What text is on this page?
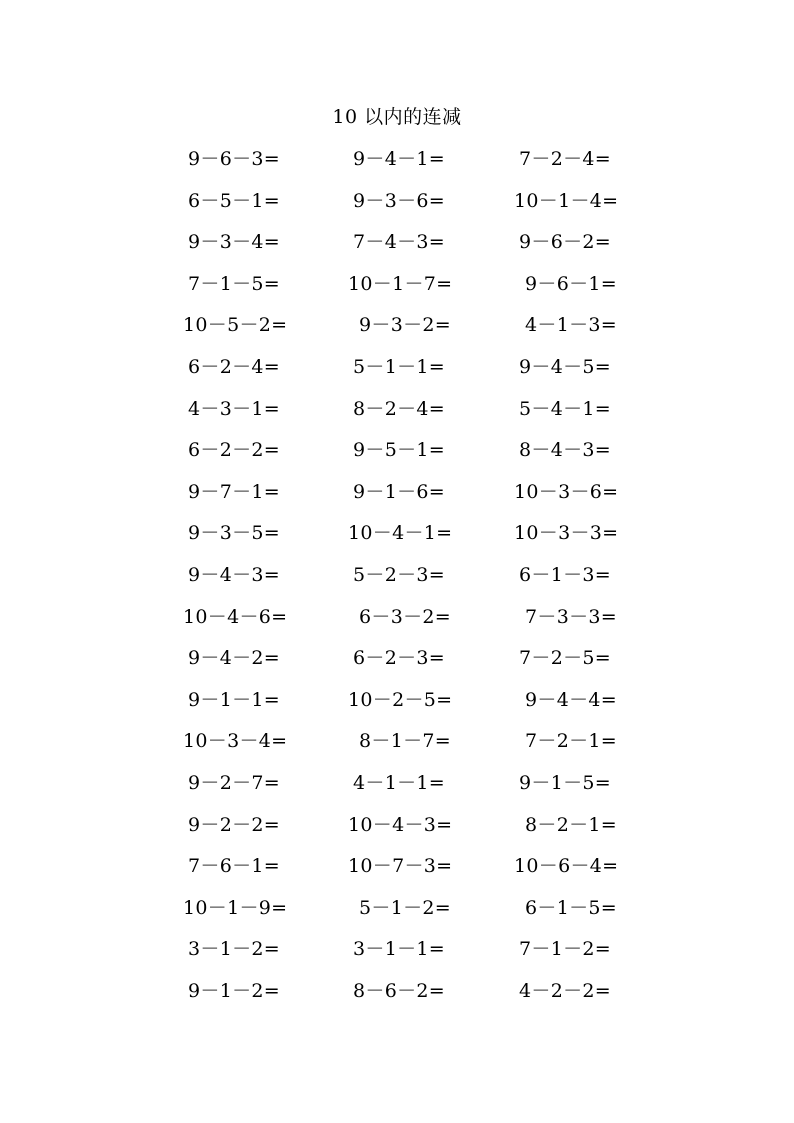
10 以内的连减
9－6－3=	9－4－1=	7－2－4=
6－5－1=	9－3－6=	10－1－4=
9－3－4=	7－4－3=	9－6－2=
7－1－5=	10－1－7=	9－6－1=
10－5－2=	9－3－2=	4－1－3=
6－2－4=	5－1－1=	9－4－5=
4－3－1=	8－2－4=	5－4－1=
6－2－2=	9－5－1=	8－4－3=
9－7－1=	9－1－6=	10－3－6=
9－3－5=	10－4－1=	10－3－3=
9－4－3=	5－2－3=	6－1－3=
10－4－6=	6－3－2=	7－3－3=
9－4－2=	6－2－3=	7－2－5=
9－1－1=	10－2－5=	9－4－4=
10－3－4=	8－1－7=	7－2－1=
9－2－7=	4－1－1=	9－1－5=
9－2－2=	10－4－3=	8－2－1=
7－6－1=	10－7－3=	10－6－4=
10－1－9=	5－1－2=	6－1－5=
3－1－2=	3－1－1=	7－1－2=
9－1－2=	8－6－2=	4－2－2=
